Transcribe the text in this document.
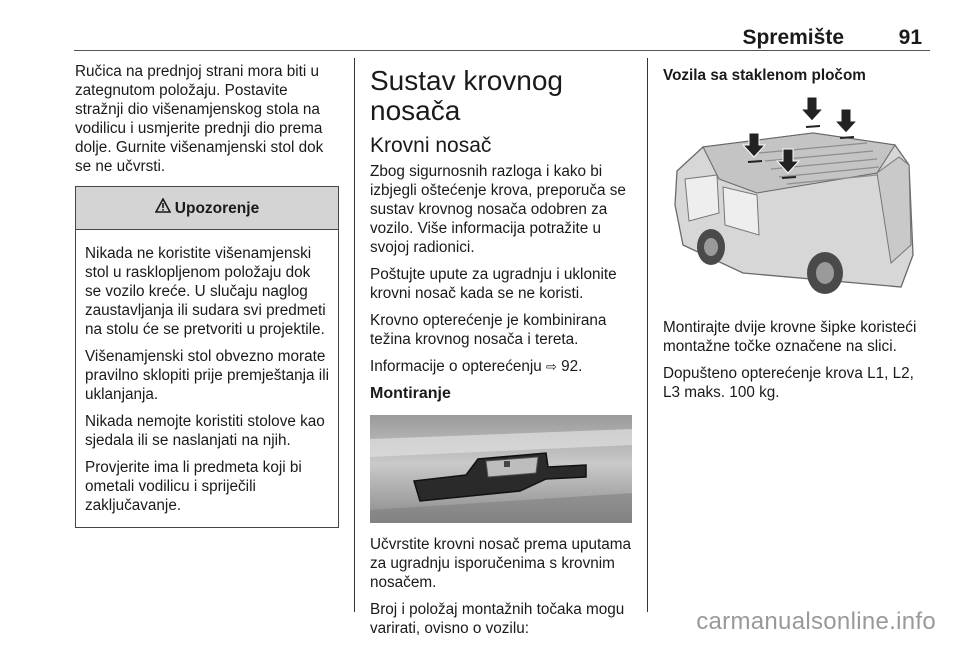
Spremište	91

Ručica na prednjoj strani mora biti u zategnutom položaju. Postavite stražnji dio višenamjenskog stola na vodilicu i usmjerite prednji dio prema dolje. Gurnite višenamjenski stol dok se ne učvrsti.

Upozorenje

Nikada ne koristite višenamjenski stol u rasklopljenom položaju dok se vozilo kreće. U slučaju naglog zaustavljanja ili sudara svi predmeti na stolu će se pretvoriti u projektile.

Višenamjenski stol obvezno morate pravilno sklopiti prije premještanja ili uklanjanja.

Nikada nemojte koristiti stolove kao sjedala ili se naslanjati na njih.

Provjerite ima li predmeta koji bi ometali vodilicu i spriječili zaključavanje.

Sustav krovnog nosača
Krovni nosač

Zbog sigurnosnih razloga i kako bi izbjegli oštećenje krova, preporuča se sustav krovnog nosača odobren za vozilo. Više informacija potražite u svojoj radionici.

Poštujte upute za ugradnju i uklonite krovni nosač kada se ne koristi.

Krovno opterećenje je kombinirana težina krovnog nosača i tereta.

Informacije o opterećenju ⇨ 92.

Montiranje

Učvrstite krovni nosač prema uputama za ugradnju isporučenima s krovnim nosačem.

Broj i položaj montažnih točaka mogu varirati, ovisno o vozilu:

Vozila sa staklenom pločom

Montirajte dvije krovne šipke koristeći montažne točke označene na slici.

Dopušteno opterećenje krova L1, L2, L3 maks. 100 kg.

carmanualsonline.info
